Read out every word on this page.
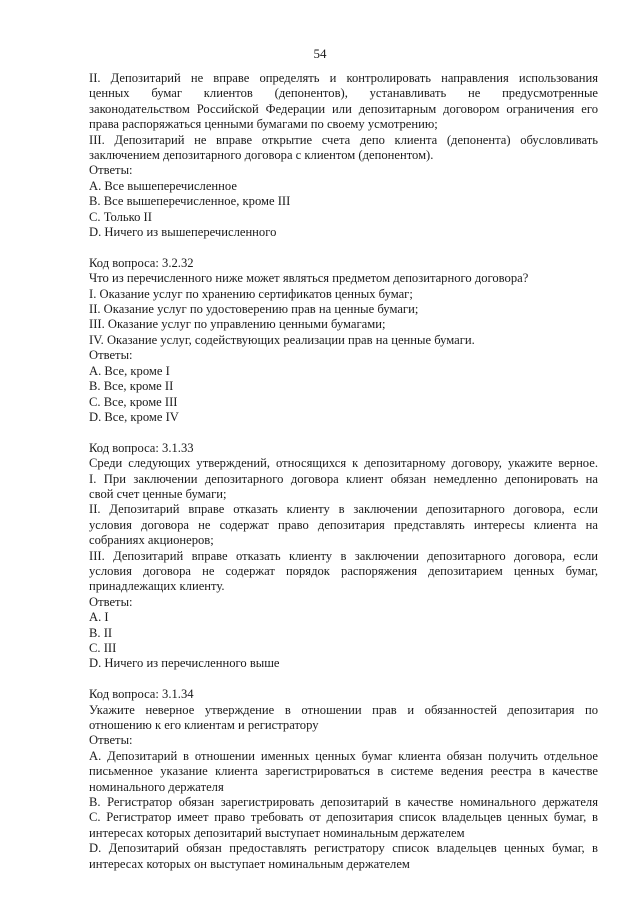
54
II. Депозитарий не вправе определять и контролировать направления использования
ценных бумаг клиентов (депонентов), устанавливать не предусмотренные
законодательством Российской Федерации или депозитарным договором ограничения его
права распоряжаться ценными бумагами по своему усмотрению;
III. Депозитарий не вправе открытие счета депо клиента (депонента) обусловливать
заключением депозитарного договора с клиентом (депонентом).
Ответы:
A. Все вышеперечисленное
B. Все вышеперечисленное, кроме III
C. Только II
D. Ничего из вышеперечисленного
Код вопроса: 3.2.32
Что из перечисленного ниже может являться предметом депозитарного договора?
I. Оказание услуг по хранению сертификатов ценных бумаг;
II. Оказание услуг по удостоверению прав на ценные бумаги;
III. Оказание услуг по управлению ценными бумагами;
IV. Оказание услуг, содействующих реализации прав на ценные бумаги.
Ответы:
A. Все, кроме I
B. Все, кроме II
C. Все, кроме III
D. Все, кроме IV
Код вопроса: 3.1.33
Среди следующих утверждений, относящихся к депозитарному договору, укажите верное.
I. При заключении депозитарного договора клиент обязан немедленно депонировать на
свой счет ценные бумаги;
II. Депозитарий вправе отказать клиенту в заключении депозитарного договора, если
условия договора не содержат право депозитария представлять интересы клиента на
собраниях акционеров;
III. Депозитарий вправе отказать клиенту в заключении депозитарного договора, если
условия договора не содержат порядок распоряжения депозитарием ценных бумаг,
принадлежащих клиенту.
Ответы:
A. I
B. II
C. III
D. Ничего из перечисленного выше
Код вопроса: 3.1.34
Укажите неверное утверждение в отношении прав и обязанностей депозитария по
отношению к его клиентам и регистратору
Ответы:
A. Депозитарий в отношении именных ценных бумаг клиента обязан получить отдельное
письменное указание клиента зарегистрироваться в системе ведения реестра в качестве
номинального держателя
B. Регистратор обязан зарегистрировать депозитарий в качестве номинального держателя
C. Регистратор имеет право требовать от депозитария список владельцев ценных бумаг, в
интересах которых депозитарий выступает номинальным держателем
D. Депозитарий обязан предоставлять регистратору список владельцев ценных бумаг, в
интересах которых он выступает номинальным держателем
